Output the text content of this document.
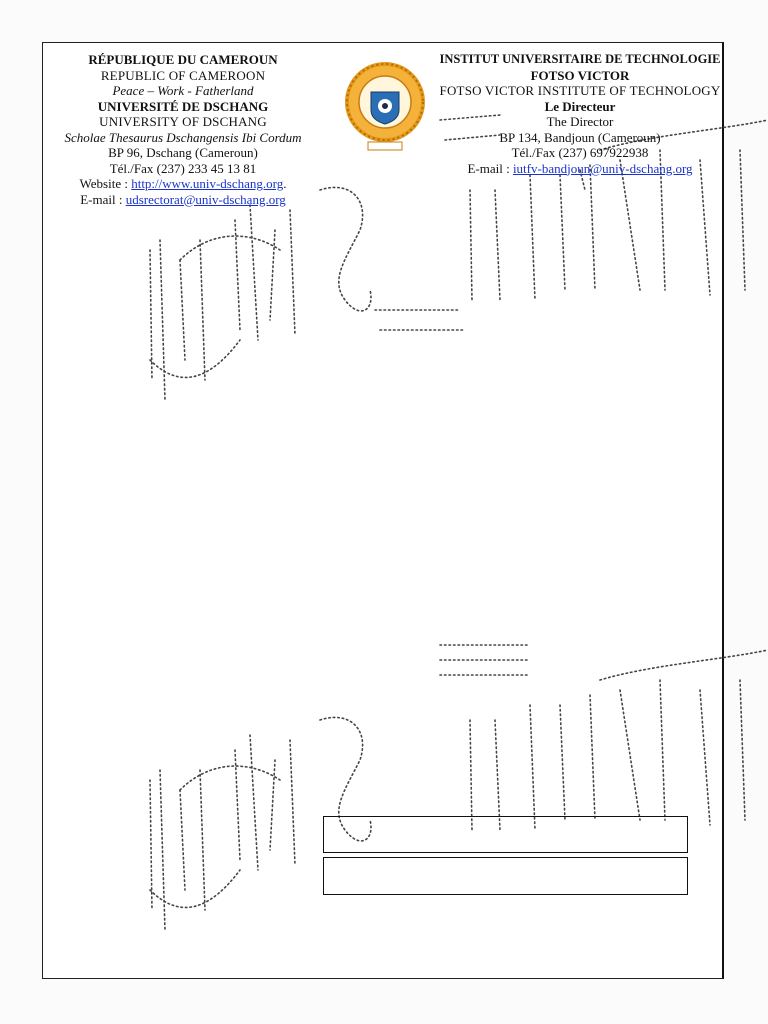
RÉPUBLIQUE DU CAMEROUN
REPUBLIC OF CAMEROON
Peace – Work - Fatherland
UNIVERSITÉ DE DSCHANG
UNIVERSITY OF DSCHANG
Scholae Thesaurus Dschangensis Ibi Cordum
BP 96, Dschang (Cameroun)
Tél./Fax (237) 233 45 13 81
Website : http://www.univ-dschang.org.
E-mail : udsrectorat@univ-dschang.org
INSTITUT UNIVERSITAIRE DE TECHNOLOGIE
FOTSO VICTOR
FOTSO VICTOR INSTITUTE OF TECHNOLOGY
Le Directeur
The Director
BP 134, Bandjoun (Cameroun)
Tél./Fax (237) 697922938
E-mail : iutfv-bandjoun@univ-dschang.org
